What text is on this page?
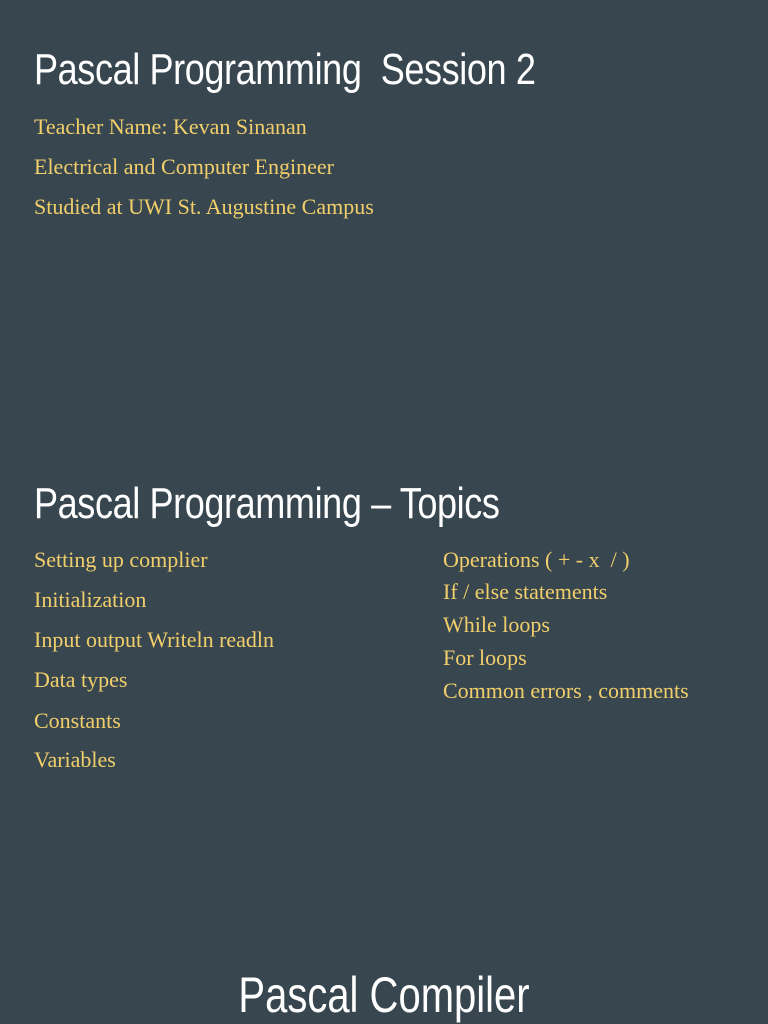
Pascal Programming  Session 2

Teacher Name: Kevan Sinanan

Electrical and Computer Engineer

Studied at UWI St. Augustine Campus

Pascal Programming – Topics

Setting up complier

Initialization

Input output Writeln readln

Data types

Constants

Variables

Operations ( + - x  / )

If / else statements

While loops

For loops

Common errors , comments

Pascal Compiler
